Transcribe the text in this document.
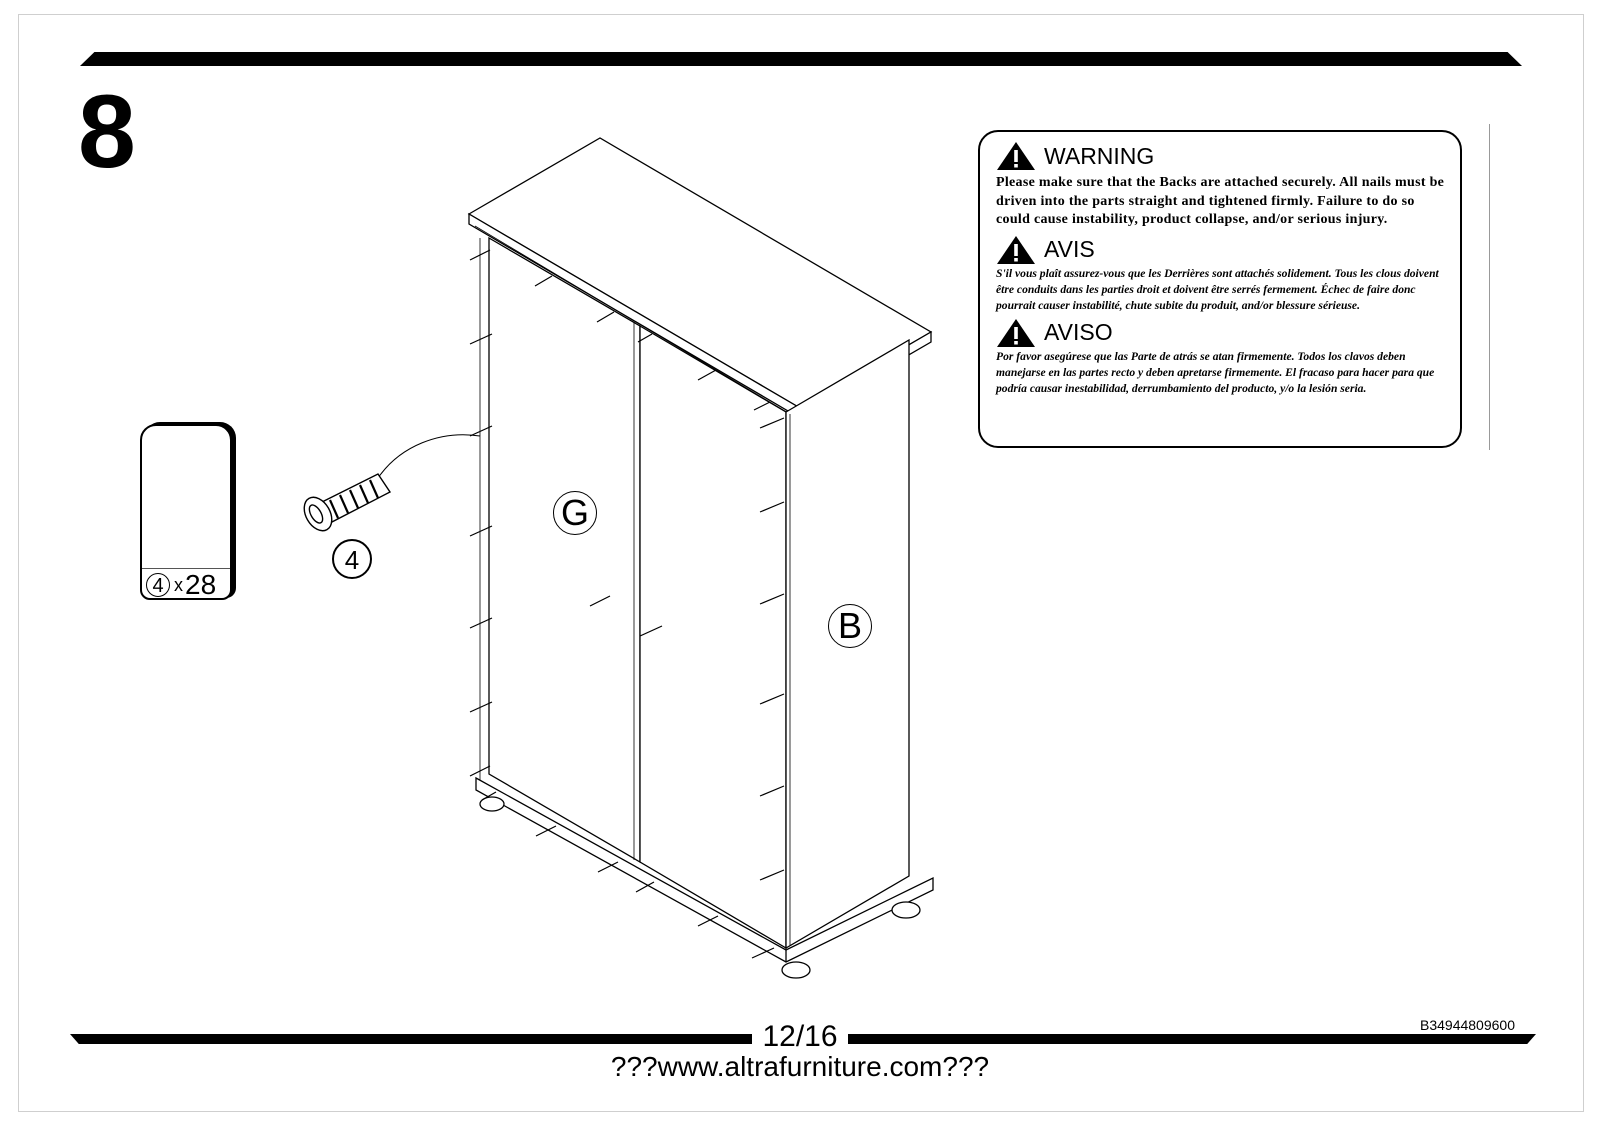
8
4 x 28
4
G
B
WARNING
Please make sure that the Backs are attached securely. All nails must be driven into the parts straight and tightened firmly. Failure to do so could cause instability, product collapse, and/or serious injury.
AVIS
S'il vous plaît assurez-vous que les Derrières sont attachés solidement. Tous les clous doivent être conduits dans les parties droit et doivent être serrés fermement. Échec de faire donc pourrait causer instabilité, chute subite du produit, and/or blessure sérieuse.
AVISO
Por favor asegúrese que las Parte de atrás se atan firmemente. Todos los clavos deben manejarse en las partes recto y deben apretarse firmemente. El fracaso para hacer para que podría causar inestabilidad, derrumbamiento del producto, y/o la lesión seria.
12/16	B34944809600
???www.altrafurniture.com???
